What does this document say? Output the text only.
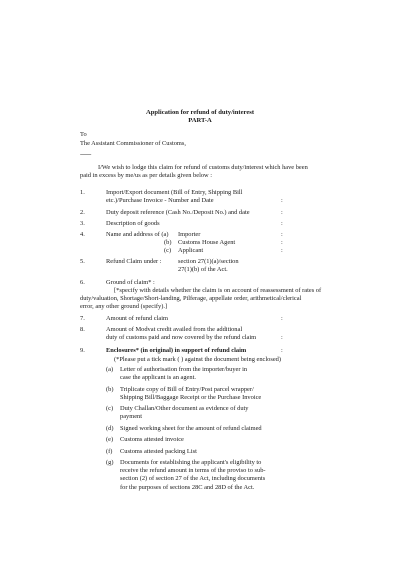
Application for refund of duty/interest
PART-A
To
The Assistant Commissioner of Customs,
...........
I/We wish to lodge this claim for refund of customs duty/interest which have been
paid in excess by me/us as per details given below :
1.	Import/Export document (Bill of Entry, Shipping Bill
etc.)/Purchase Invoice - Number and Date	:
2.	Duty deposit reference (Cash No./Deposit No.) and date	:
3.	Description of goods	:
4.	Name and address of (a) Importer	:
(b) Customs House Agent	:
(c) Applicant	:
5.	Refund Claim under :	section 27(1)(a)/section
27(1)(b) of the Act.
6.	Ground of claim* :
[*specify with details whether the claim is on account of reassessment of rates of
duty/valuation, Shortage/Short-landing, Pilferage, appellate order, arithmetical/clerical
error, any other ground (specify).]
7.	Amount of refund claim	:
8.	Amount of Modvat credit availed from the additional
duty of customs paid and now covered by the refund claim	:
9.	Enclosures* (in original) in support of refund claim	:
(*Please put a tick mark ( ) against the document being enclosed)
(a) Letter of authorisation from the importer/buyer in
case the applicant is an agent.
(b) Triplicate copy of Bill of Entry/Post parcel wrapper/
Shipping Bill/Baggage Receipt or the Purchase Invoice
(c) Duty Challan/Other document as evidence of duty
payment
(d) Signed working sheet for the amount of refund claimed
(e) Customs attested invoice
(f) Customs attested packing List
(g) Documents for establishing the applicant's eligibility to
receive the refund amount in terms of the proviso to sub-
section (2) of section 27 of the Act, including documents
for the purposes of sections 28C and 28D of the Act.
